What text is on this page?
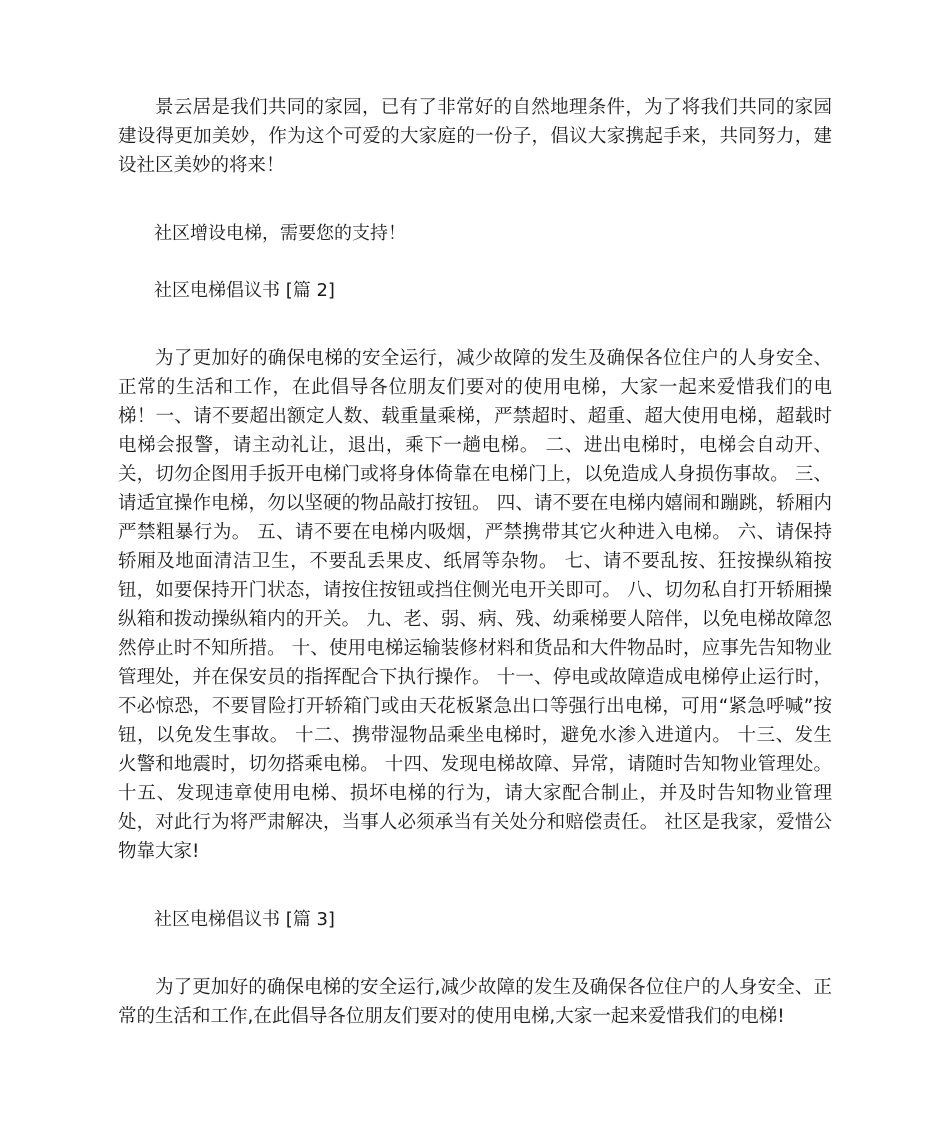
景云居是我们共同的家园，已有了非常好的自然地理条件，为了将我们共同的家园建设得更加美妙，作为这个可爱的大家庭的一份子，倡议大家携起手来，共同努力，建设社区美妙的将来！

社区增设电梯，需要您的支持！

社区电梯倡议书 [篇 2]

为了更加好的确保电梯的安全运行，减少故障的发生及确保各位住户的人身安全、正常的生活和工作，在此倡导各位朋友们要对的使用电梯，大家一起来爱惜我们的电梯！一、请不要超出额定人数、载重量乘梯，严禁超时、超重、超大使用电梯，超载时电梯会报警，请主动礼让，退出，乘下一趟电梯。 二、进出电梯时，电梯会自动开、关，切勿企图用手扳开电梯门或将身体倚靠在电梯门上，以免造成人身损伤事故。 三、请适宜操作电梯，勿以坚硬的物品敲打按钮。 四、请不要在电梯内嬉闹和蹦跳，轿厢内严禁粗暴行为。 五、请不要在电梯内吸烟，严禁携带其它火种进入电梯。 六、请保持轿厢及地面清洁卫生，不要乱丢果皮、纸屑等杂物。 七、请不要乱按、狂按操纵箱按钮，如要保持开门状态，请按住按钮或挡住侧光电开关即可。 八、切勿私自打开轿厢操纵箱和拨动操纵箱内的开关。 九、老、弱、病、残、幼乘梯要人陪伴，以免电梯故障忽然停止时不知所措。 十、使用电梯运输装修材料和货品和大件物品时，应事先告知物业管理处，并在保安员的指挥配合下执行操作。 十一、停电或故障造成电梯停止运行时，不必惊恐，不要冒险打开轿箱门或由天花板紧急出口等强行出电梯，可用“紧急呼喊”按钮，以免发生事故。 十二、携带湿物品乘坐电梯时，避免水渗入进道内。 十三、发生火警和地震时，切勿搭乘电梯。 十四、发现电梯故障、异常，请随时告知物业管理处。 十五、发现违章使用电梯、损坏电梯的行为，请大家配合制止，并及时告知物业管理处，对此行为将严肃解决，当事人必须承当有关处分和赔偿责任。 社区是我家，爱惜公物靠大家!

社区电梯倡议书 [篇 3]

为了更加好的确保电梯的安全运行,减少故障的发生及确保各位住户的人身安全、正常的生活和工作,在此倡导各位朋友们要对的使用电梯,大家一起来爱惜我们的电梯!
